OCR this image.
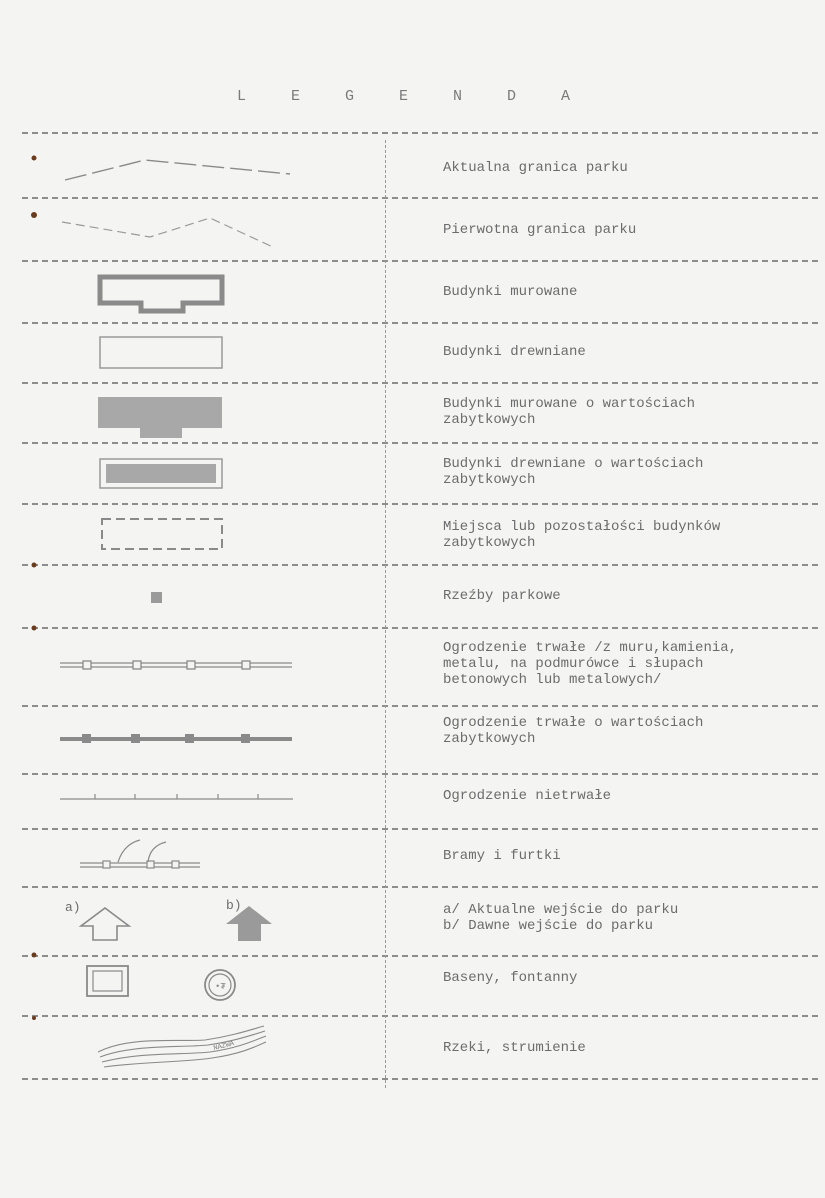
L E G E N D A
Aktualna granica parku
Pierwotna granica parku
Budynki murowane
Budynki drewniane
Budynki murowane o wartościach
zabytkowych
Budynki drewniane o wartościach
zabytkowych
Miejsca lub pozostałości budynków
zabytkowych
Rzeźby parkowe
Ogrodzenie trwałe /z muru,kamienia,
metalu, na podmurówce i słupach
betonowych lub metalowych/
Ogrodzenie trwałe o wartościach
zabytkowych
Ogrodzenie nietrwałe
Bramy i furtki
a/ Aktualne wejście do parku
b/ Dawne wejście do parku
Baseny, fontanny
Rzeki, strumienie
a)	b)
•₮
NAZWA
